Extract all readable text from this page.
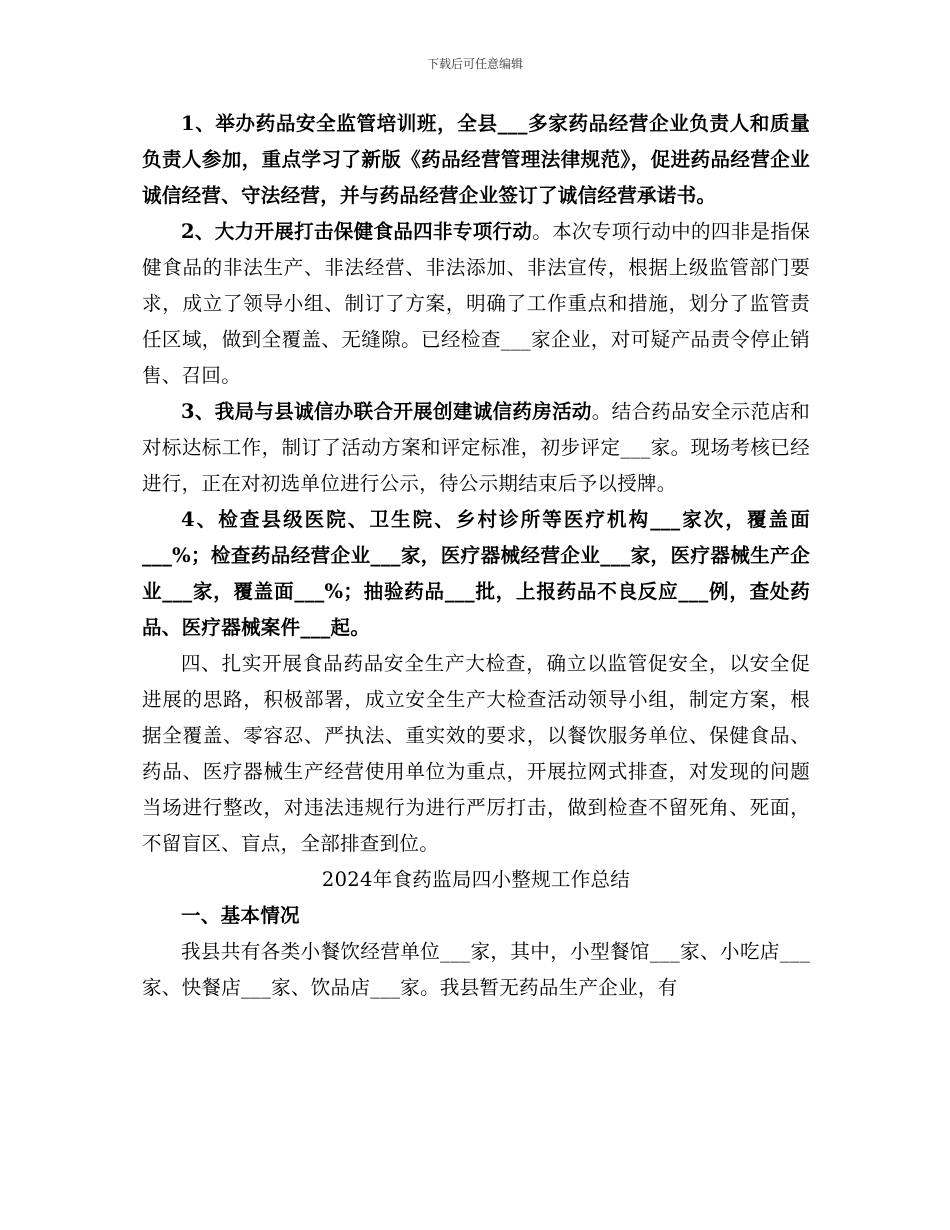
下载后可任意编辑

1、举办药品安全监管培训班，全县___多家药品经营企业负责人和质量负责人参加，重点学习了新版《药品经营管理法律规范》，促进药品经营企业诚信经营、守法经营，并与药品经营企业签订了诚信经营承诺书。

2、大力开展打击保健食品四非专项行动。本次专项行动中的四非是指保健食品的非法生产、非法经营、非法添加、非法宣传，根据上级监管部门要求，成立了领导小组、制订了方案，明确了工作重点和措施，划分了监管责任区域，做到全覆盖、无缝隙。已经检查___家企业，对可疑产品责令停止销售、召回。

3、我局与县诚信办联合开展创建诚信药房活动。结合药品安全示范店和对标达标工作，制订了活动方案和评定标准，初步评定___家。现场考核已经进行，正在对初选单位进行公示，待公示期结束后予以授牌。

4、检查县级医院、卫生院、乡村诊所等医疗机构___家次，覆盖面___%；检查药品经营企业___家，医疗器械经营企业___家，医疗器械生产企业___家，覆盖面___%；抽验药品___批，上报药品不良反应___例，查处药品、医疗器械案件___起。

四、扎实开展食品药品安全生产大检查，确立以监管促安全，以安全促进展的思路，积极部署，成立安全生产大检查活动领导小组，制定方案，根据全覆盖、零容忍、严执法、重实效的要求，以餐饮服务单位、保健食品、药品、医疗器械生产经营使用单位为重点，开展拉网式排查，对发现的问题当场进行整改，对违法违规行为进行严厉打击，做到检查不留死角、死面，不留盲区、盲点，全部排查到位。

2024年食药监局四小整规工作总结

一、基本情况

我县共有各类小餐饮经营单位___家，其中，小型餐馆___家、小吃店___家、快餐店___家、饮品店___家。我县暂无药品生产企业，有
